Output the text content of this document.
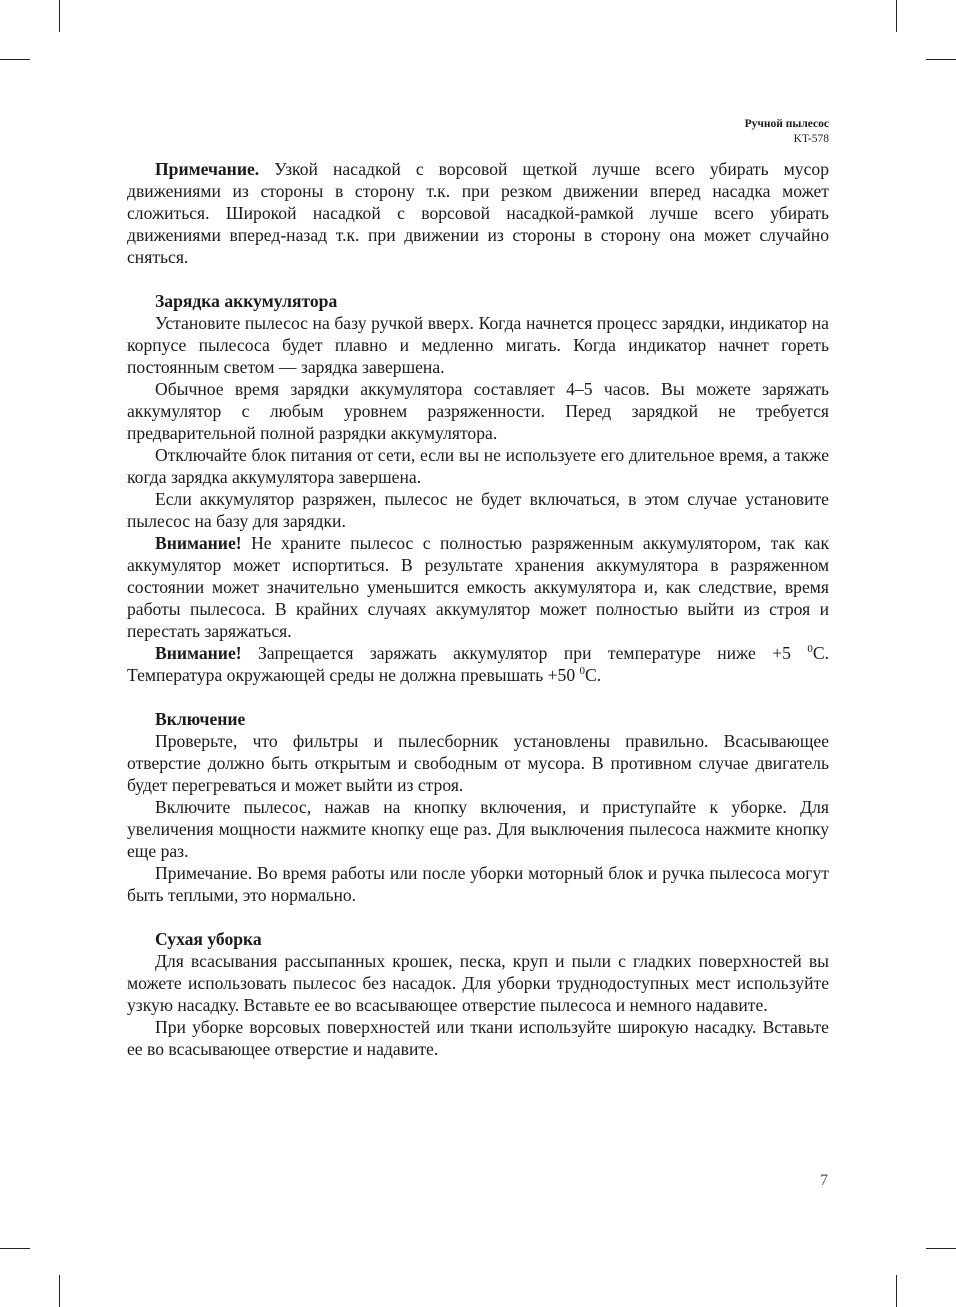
Ручной пылесос
KT-578

Примечание. Узкой насадкой с ворсовой щеткой лучше всего убирать мусор движениями из стороны в сторону т.к. при резком движении вперед насадка может сложиться. Широкой насадкой с ворсовой насадкой-рамкой лучше всего убирать движениями вперед-назад т.к. при движении из стороны в сторону она может случайно сняться.

Зарядка аккумулятора

Установите пылесос на базу ручкой вверх. Когда начнется процесс зарядки, индикатор на корпусе пылесоса будет плавно и медленно мигать. Когда индикатор начнет гореть постоянным светом — зарядка завершена.

Обычное время зарядки аккумулятора составляет 4–5 часов. Вы можете заряжать аккумулятор с любым уровнем разряженности. Перед зарядкой не требуется предварительной полной разрядки аккумулятора.

Отключайте блок питания от сети, если вы не используете его длительное время, а также когда зарядка аккумулятора завершена.

Если аккумулятор разряжен, пылесос не будет включаться, в этом случае установите пылесос на базу для зарядки.

Внимание! Не храните пылесос с полностью разряженным аккумулятором, так как аккумулятор может испортиться. В результате хранения аккумулятора в разряженном состоянии может значительно уменьшится емкость аккумулятора и, как следствие, время работы пылесоса. В крайних случаях аккумулятор может полностью выйти из строя и перестать заряжаться.

Внимание! Запрещается заряжать аккумулятор при температуре ниже +5 $^0$С. Температура окружающей среды не должна превышать +50 $^0$С.

Включение

Проверьте, что фильтры и пылесборник установлены правильно. Всасывающее отверстие должно быть открытым и свободным от мусора. В противном случае двигатель будет перегреваться и может выйти из строя.

Включите пылесос, нажав на кнопку включения, и приступайте к уборке. Для увеличения мощности нажмите кнопку еще раз. Для выключения пылесоса нажмите кнопку еще раз.

Примечание. Во время работы или после уборки моторный блок и ручка пылесоса могут быть теплыми, это нормально.

Сухая уборка

Для всасывания рассыпанных крошек, песка, круп и пыли с гладких поверхностей вы можете использовать пылесос без насадок. Для уборки труднодоступных мест используйте узкую насадку. Вставьте ее во всасывающее отверстие пылесоса и немного надавите.

При уборке ворсовых поверхностей или ткани используйте широкую насадку. Вставьте ее во всасывающее отверстие и надавите.

7
